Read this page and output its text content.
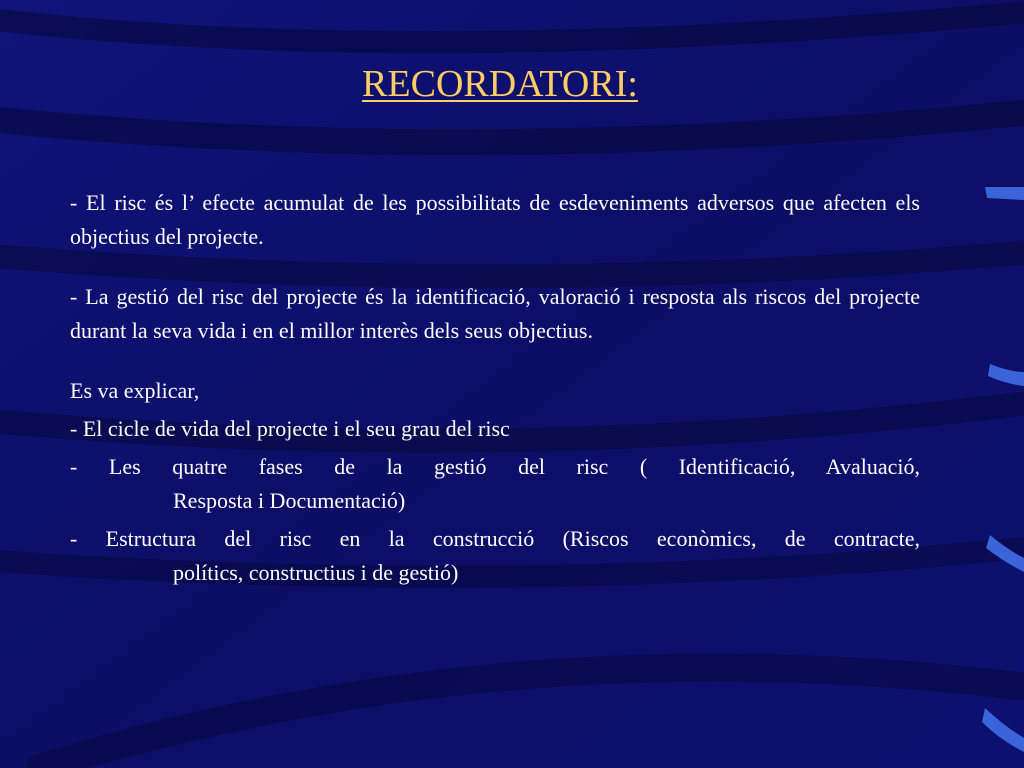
RECORDATORI:

- El risc és l’ efecte acumulat de les possibilitats de esdeveniments adversos que afecten els objectius del projecte.

- La gestió del risc del projecte és la identificació, valoració i resposta als riscos del projecte durant la seva vida i en el millor interès dels seus objectius.

Es va explicar,

- El cicle de vida del projecte i el seu grau del risc
- Les quatre fases de la gestió del risc ( Identificació, Avaluació,
Resposta i Documentació)
- Estructura del risc en la construcció (Riscos econòmics, de contracte,
polítics, constructius i de gestió)
